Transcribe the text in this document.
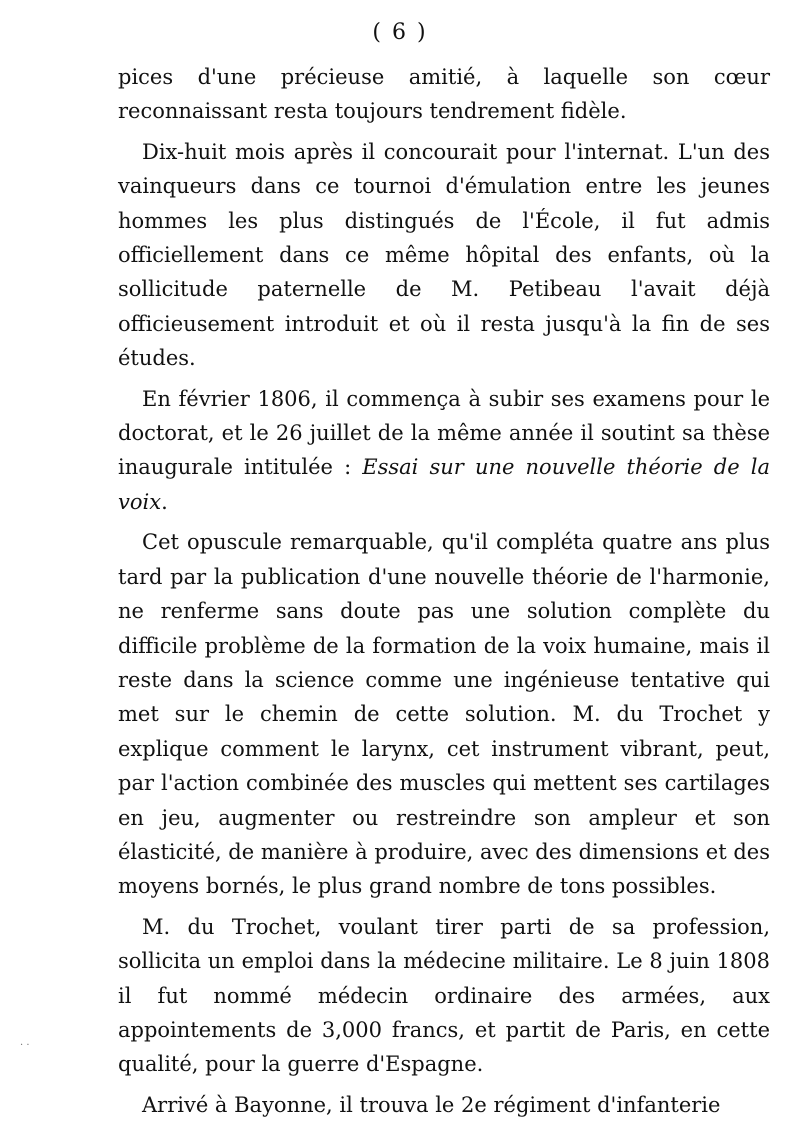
( 6 )

pices d'une précieuse amitié, à laquelle son cœur reconnaissant resta toujours tendrement fidèle.

Dix-huit mois après il concourait pour l'internat. L'un des vainqueurs dans ce tournoi d'émulation entre les jeunes hommes les plus distingués de l'École, il fut admis officiellement dans ce même hôpital des enfants, où la sollicitude paternelle de M. Petibeau l'avait déjà officieusement introduit et où il resta jusqu'à la fin de ses études.

En février 1806, il commença à subir ses examens pour le doctorat, et le 26 juillet de la même année il soutint sa thèse inaugurale intitulée : Essai sur une nouvelle théorie de la voix.

Cet opuscule remarquable, qu'il compléta quatre ans plus tard par la publication d'une nouvelle théorie de l'harmonie, ne renferme sans doute pas une solution complète du difficile problème de la formation de la voix humaine, mais il reste dans la science comme une ingénieuse tentative qui met sur le chemin de cette solution. M. du Trochet y explique comment le larynx, cet instrument vibrant, peut, par l'action combinée des muscles qui mettent ses cartilages en jeu, augmenter ou restreindre son ampleur et son élasticité, de manière à produire, avec des dimensions et des moyens bornés, le plus grand nombre de tons possibles.

M. du Trochet, voulant tirer parti de sa profession, sollicita un emploi dans la médecine militaire. Le 8 juin 1808 il fut nommé médecin ordinaire des armées, aux appointements de 3,000 francs, et partit de Paris, en cette qualité, pour la guerre d'Espagne.

Arrivé à Bayonne, il trouva le 2e régiment d'infanterie

· ·
